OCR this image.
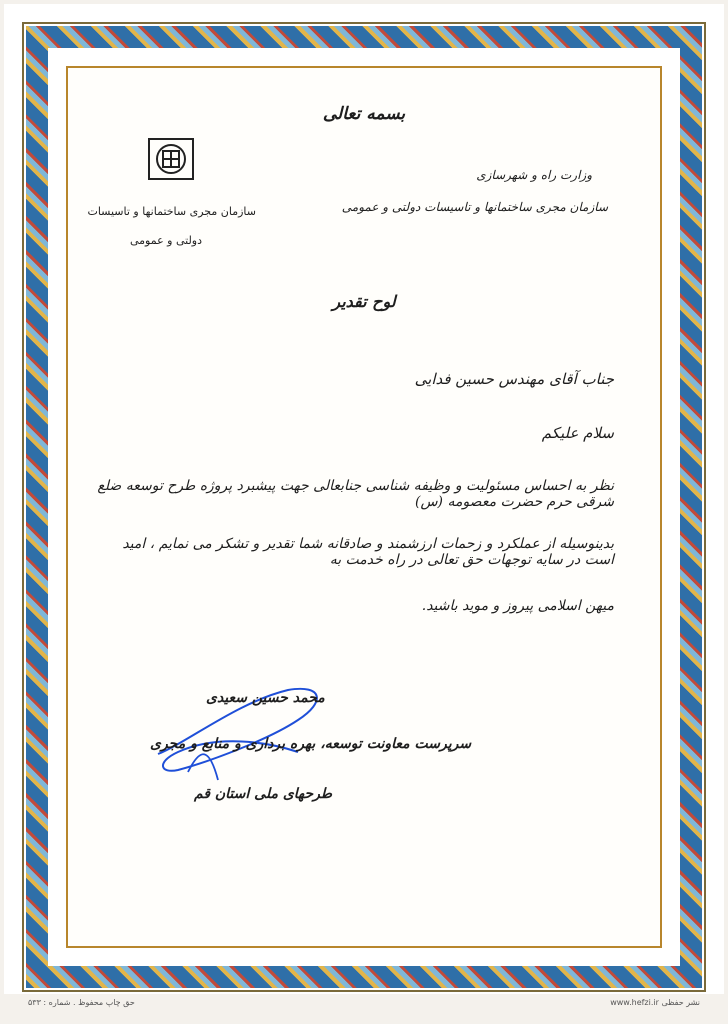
بسمه تعالی
سازمان مجری ساختمانها و تاسیسات
دولتی و عمومی
وزارت راه و شهرسازی
سازمان مجری ساختمانها و تاسیسات دولتی و عمومی
لوح تقدیر
جناب آقای مهندس حسین فدایی
سلام علیکم
نظر به احساس مسئولیت و وظیفه شناسی جنابعالی جهت پیشبرد پروژه طرح توسعه ضلع شرقی حرم حضرت معصومه (س)
بدینوسیله از عملکرد و زحمات ارزشمند و صادقانه شما تقدیر و تشکر می نمایم ، امید است در سایه توجهات حق تعالی در راه خدمت به
میهن اسلامی پیروز و موید باشید.
محمد حسین سعیدی
سرپرست معاونت توسعه، بهره برداری و منابع و مجری
طرحهای ملی استان قم
حق چاپ محفوظ . شماره : ۵۳۳	www.hefzi.ir نشر حفظی
